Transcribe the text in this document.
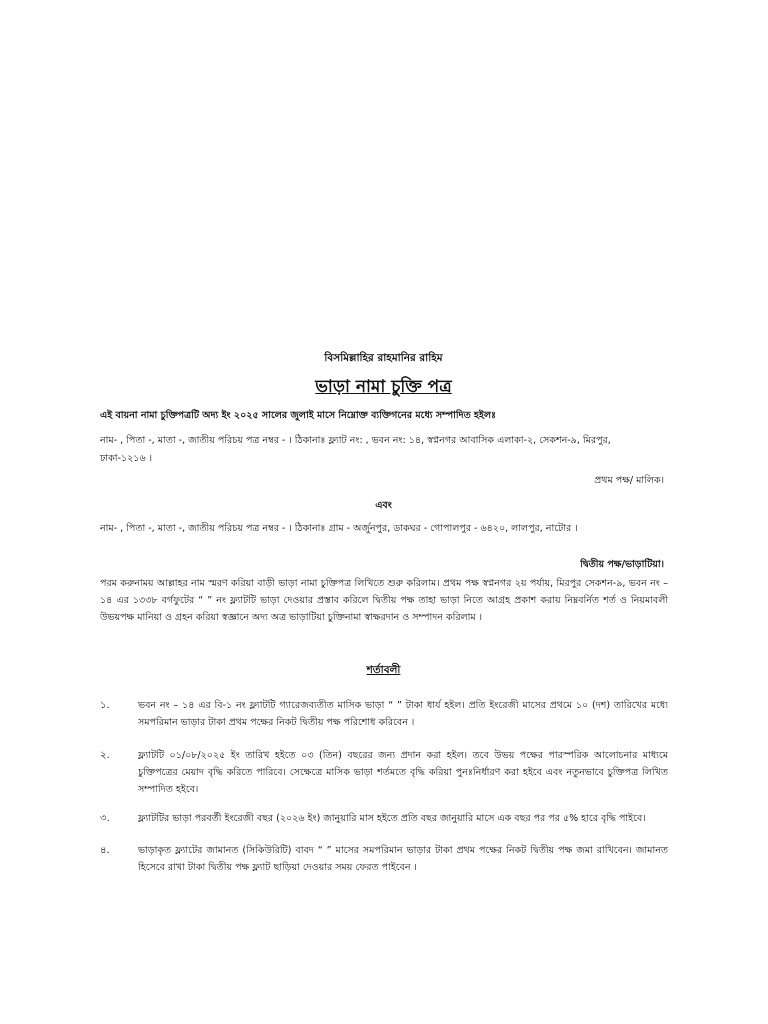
বিসমিল্লাহির রাহমানির রাহিম
ভাড়া নামা চুক্তি পত্র
এই বায়না নামা চুক্তিপত্রটি অদ্য ইং ২০২৫ সালের জুলাই মাসে নিম্নোক্ত ব্যক্তিগনের মধ্যে সম্পাদিত হইলঃ
নাম- , পিতা -, মাতা -, জাতীয় পরিচয় পত্র নম্বর - । ঠিকানাঃ ফ্ল্যাট নং: , ভবন নং: ১৪, স্বপ্ননগর আবাসিক এলাকা-২, সেকশন-৯, মিরপুর,
ঢাকা-১২১৬ ।
প্রথম পক্ষ/ মালিক।
এবং
নাম- , পিতা -, মাতা -, জাতীয় পরিচয় পত্র নম্বর - । ঠিকানাঃ গ্রাম - অর্জুনপুর, ডাকঘর - গোপালপুর - ৬৪২০, লালপুর, নাটোর ।
দ্বিতীয় পক্ষ/ভাড়াটিয়া।
পরম করুনাময় আল্লাহর নাম স্মরণ করিয়া বাড়ী ভাড়া নামা চুক্তিপত্র লিখিতে শুরু করিলাম। প্রথম পক্ষ স্বপ্ননগর ২য় পর্যায়, মিরপুর সেকশন-৯, ভবন নং – ১৪ এর ১৩৩৮ বর্গফুটের “ ” নং ফ্ল্যাটটি ভাড়া দেওয়ার প্রস্তাব করিলে দ্বিতীয় পক্ষ তাহা ভাড়া নিতে আগ্রহ প্রকাশ করায় নিম্নবর্নিত শর্ত ও নিয়মাবলী উভয়পক্ষ মানিয়া ও গ্রহন করিয়া স্বজ্ঞানে অদ্য অত্র ভাড়াটিয়া চুক্তিনামা স্বাক্ষরদান ও সম্পাদন করিলাম ।
শর্তাবলী
১.	ভবন নং – ১৪ এর বি-১ নং ফ্ল্যাটটি গ্যারেজব্যতীত মাসিক ভাড়া “ ” টাকা ধার্য হইল। প্রতি ইংরেজী মাসের প্রথমে ১০ (দশ) তারিখের মধ্যে সমপরিমান ভাড়ার টাকা প্রথম পক্ষের নিকট দ্বিতীয় পক্ষ পরিশোধ করিবেন ।
২.	ফ্ল্যাটটি ০১/০৮/২০২৫ ইং তারিখ হইতে ০৩ (তিন) বছরের জন্য প্রদান করা হইল। তবে উভয় পক্ষের পারস্পরিক আলোচনার মাধ্যমে চুক্তিপত্রের মেয়াদ বৃদ্ধি করিতে পারিবে। সেক্ষেত্রে মাসিক ভাড়া শর্তমতে বৃদ্ধি করিয়া পুনঃনির্ধারণ করা হইবে এবং নতুনভাবে চুক্তিপত্র লিখিত সম্পাদিত হইবে।
৩.	ফ্ল্যাটটির ভাড়া পরবর্তী ইংরেজী বছর (২০২৬ ইং) জানুয়ারি মাস হইতে প্রতি বছর জানুয়ারি মাসে এক বছর পর পর ৫% হারে বৃদ্ধি পাইবে।
৪.	ভাড়াকৃত ফ্ল্যাটের জামানত (সিকিউরিটি) বাবদ “ ” মাসের সমপরিমান ভাড়ার টাকা প্রথম পক্ষের নিকট দ্বিতীয় পক্ষ জমা রাখিবেন। জামানত হিসেবে রাখা টাকা দ্বিতীয় পক্ষ ফ্ল্যাট ছাড়িয়া দেওয়ার সময় ফেরত পাইবেন ।
